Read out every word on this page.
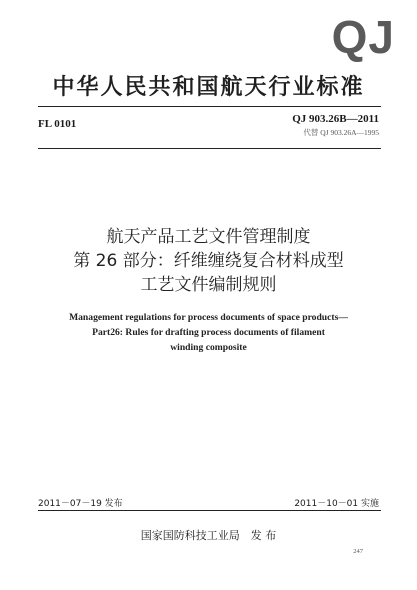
QJ
中华人民共和国航天行业标准
FL 0101	QJ 903.26B—2011
代替 QJ 903.26A—1995
航天产品工艺文件管理制度
第 26 部分：纤维缠绕复合材料成型
工艺文件编制规则
Management regulations for process documents of space products—
Part26: Rules for drafting process documents of filament
winding composite
2011－07－19 发布	2011－10－01 实施
国家国防科技工业局　发 布
247
